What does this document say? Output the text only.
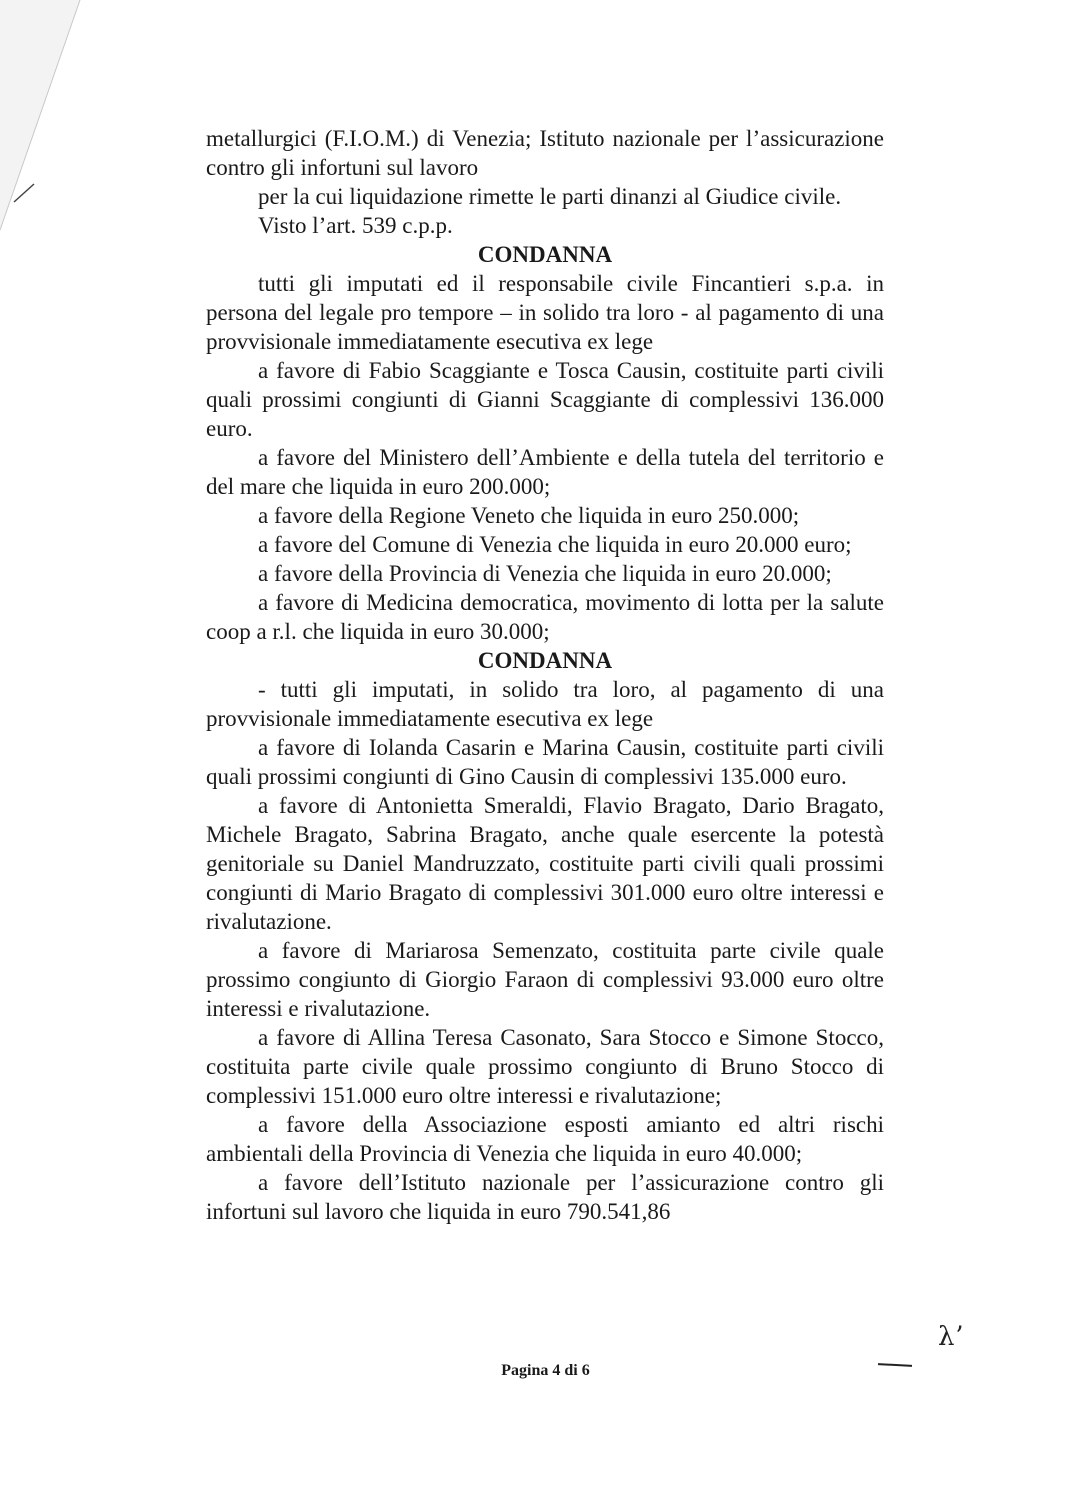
metallurgici (F.I.O.M.) di Venezia; Istituto nazionale per l’assicurazione contro gli infortuni sul lavoro

per la cui liquidazione rimette le parti dinanzi al Giudice civile.

Visto l’art. 539 c.p.p.

CONDANNA

tutti gli imputati ed il responsabile civile Fincantieri s.p.a. in persona del legale pro tempore – in solido tra loro - al pagamento di una provvisionale immediatamente esecutiva ex lege

a favore di Fabio Scaggiante e Tosca Causin, costituite parti civili quali prossimi congiunti di Gianni Scaggiante di complessivi 136.000 euro.

a favore del Ministero dell’Ambiente e della tutela del territorio e del mare che liquida in euro 200.000;

a favore della Regione Veneto che liquida in euro 250.000;

a favore del Comune di Venezia che liquida in euro 20.000 euro;

a favore della Provincia di Venezia che liquida in euro 20.000;

a favore di Medicina democratica, movimento di lotta per la salute coop a r.l. che liquida in euro 30.000;

CONDANNA

- tutti gli imputati, in solido tra loro, al pagamento di una provvisionale immediatamente esecutiva ex lege

a favore di Iolanda Casarin e Marina Causin, costituite parti civili quali prossimi congiunti di Gino Causin di complessivi 135.000 euro.

a favore di Antonietta Smeraldi, Flavio Bragato, Dario Bragato, Michele Bragato, Sabrina Bragato, anche quale esercente la potestà genitoriale su Daniel Mandruzzato, costituite parti civili quali prossimi congiunti di Mario Bragato di complessivi 301.000 euro oltre interessi e rivalutazione.

a favore di Mariarosa Semenzato, costituita parte civile quale prossimo congiunto di Giorgio Faraon di complessivi 93.000 euro oltre interessi e rivalutazione.

a favore di Allina Teresa Casonato, Sara Stocco e Simone Stocco, costituita parte civile quale prossimo congiunto di Bruno Stocco di complessivi 151.000 euro oltre interessi e rivalutazione;

a favore della Associazione esposti amianto ed altri rischi ambientali della Provincia di Venezia che liquida in euro 40.000;

a favore dell’Istituto nazionale per l’assicurazione contro gli infortuni sul lavoro che liquida in euro 790.541,86

λʼ
Pagina 4 di 6
